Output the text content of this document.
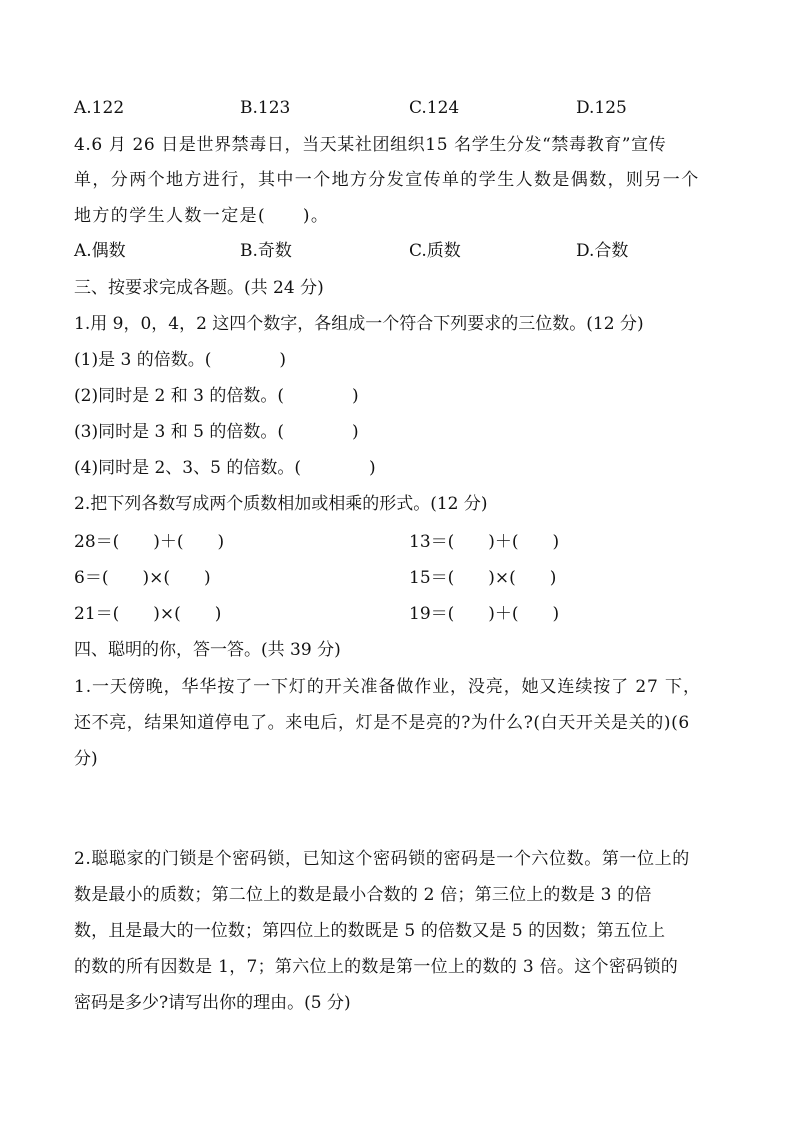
A.122	B.123	C.124	D.125
4.6 月 26 日是世界禁毒日，当天某社团组织15 名学生分发“禁毒教育”宣传
单，分两个地方进行，其中一个地方分发宣传单的学生人数是偶数，则另一个
地方的学生人数一定是(　　)。
A.偶数	B.奇数	C.质数	D.合数
三、按要求完成各题。(共 24 分)
1.用 9，0，4，2 这四个数字，各组成一个符合下列要求的三位数。(12 分)
(1)是 3 的倍数。(　　　　)
(2)同时是 2 和 3 的倍数。(　　　　)
(3)同时是 3 和 5 的倍数。(　　　　)
(4)同时是 2、3、5 的倍数。(　　　　)
2.把下列各数写成两个质数相加或相乘的形式。(12 分)
28＝(　　)＋(　　)	13＝(　　)＋(　　)
6＝(　　)×(　　)	15＝(　　)×(　　)
21＝(　　)×(　　)	19＝(　　)＋(　　)
四、聪明的你，答一答。(共 39 分)
1.一天傍晚，华华按了一下灯的开关准备做作业，没亮，她又连续按了 27 下，
还不亮，结果知道停电了。来电后，灯是不是亮的?为什么?(白天开关是关的)(6
分)
2.聪聪家的门锁是个密码锁，已知这个密码锁的密码是一个六位数。第一位上的
数是最小的质数；第二位上的数是最小合数的 2 倍；第三位上的数是 3 的倍
数，且是最大的一位数；第四位上的数既是 5 的倍数又是 5 的因数；第五位上
的数的所有因数是 1，7；第六位上的数是第一位上的数的 3 倍。这个密码锁的
密码是多少?请写出你的理由。(5 分)
